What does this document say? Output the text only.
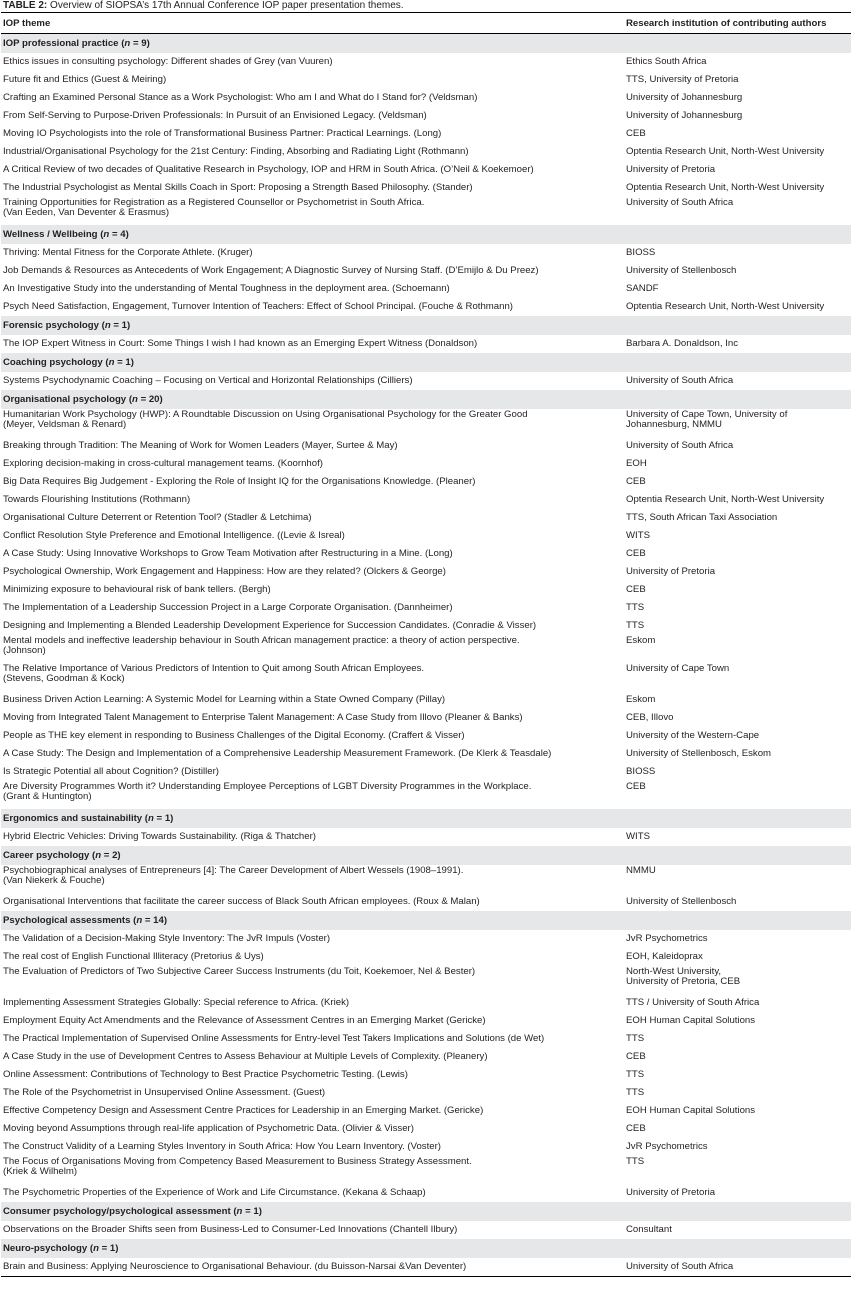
TABLE 2: Overview of SIOPSA’s 17th Annual Conference IOP paper presentation themes.
IOP theme	Research institution of contributing authors
IOP professional practice (n = 9)	
Ethics issues in consulting psychology: Different shades of Grey (van Vuuren)	Ethics South Africa
Future fit and Ethics (Guest & Meiring)	TTS, University of Pretoria
Crafting an Examined Personal Stance as a Work Psychologist: Who am I and What do I Stand for? (Veldsman)	University of Johannesburg
From Self-Serving to Purpose-Driven Professionals: In Pursuit of an Envisioned Legacy. (Veldsman)	University of Johannesburg
Moving IO Psychologists into the role of Transformational Business Partner: Practical Learnings. (Long)	CEB
Industrial/Organisational Psychology for the 21st Century: Finding, Absorbing and Radiating Light (Rothmann)	Optentia Research Unit, North-West University
A Critical Review of two decades of Qualitative Research in Psychology, IOP and HRM in South Africa. (O’Neil & Koekemoer)	University of Pretoria
The Industrial Psychologist as Mental Skills Coach in Sport: Proposing a Strength Based Philosophy. (Stander)	Optentia Research Unit, North-West University
Training Opportunities for Registration as a Registered Counsellor or Psychometrist in South Africa.
(Van Eeden, Van Deventer & Erasmus)	University of South Africa
Wellness / Wellbeing (n = 4)	
Thriving: Mental Fitness for the Corporate Athlete. (Kruger)	BIOSS
Job Demands & Resources as Antecedents of Work Engagement; A Diagnostic Survey of Nursing Staff. (D’Emijlo & Du Preez)	University of Stellenbosch
An Investigative Study into the understanding of Mental Toughness in the deployment area. (Schoemann)	SANDF
Psych Need Satisfaction, Engagement, Turnover Intention of Teachers: Effect of School Principal. (Fouche & Rothmann)	Optentia Research Unit, North-West University
Forensic psychology (n = 1)	
The IOP Expert Witness in Court: Some Things I wish I had known as an Emerging Expert Witness (Donaldson)	Barbara A. Donaldson, Inc
Coaching psychology (n = 1)	
Systems Psychodynamic Coaching – Focusing on Vertical and Horizontal Relationships (Cilliers)	University of South Africa
Organisational psychology (n = 20)	
Humanitarian Work Psychology (HWP): A Roundtable Discussion on Using Organisational Psychology for the Greater Good
(Meyer, Veldsman & Renard)	University of Cape Town, University of
Johannesburg, NMMU
Breaking through Tradition: The Meaning of Work for Women Leaders (Mayer, Surtee & May)	University of South Africa
Exploring decision-making in cross-cultural management teams. (Koornhof)	EOH
Big Data Requires Big Judgement - Exploring the Role of Insight IQ for the Organisations Knowledge. (Pleaner)	CEB
Towards Flourishing Institutions (Rothmann)	Optentia Research Unit, North-West University
Organisational Culture Deterrent or Retention Tool? (Stadler & Letchima)	TTS, South African Taxi Association
Conflict Resolution Style Preference and Emotional Intelligence. ((Levie & Isreal)	WITS
A Case Study: Using Innovative Workshops to Grow Team Motivation after Restructuring in a Mine. (Long)	CEB
Psychological Ownership, Work Engagement and Happiness: How are they related? (Olckers & George)	University of Pretoria
Minimizing exposure to behavioural risk of bank tellers. (Bergh)	CEB
The Implementation of a Leadership Succession Project in a Large Corporate Organisation. (Dannheimer)	TTS
Designing and Implementing a Blended Leadership Development Experience for Succession Candidates. (Conradie & Visser)	TTS
Mental models and ineffective leadership behaviour in South African management practice: a theory of action perspective.
(Johnson)	Eskom
The Relative Importance of Various Predictors of Intention to Quit among South African Employees.
(Stevens, Goodman & Kock)	University of Cape Town
Business Driven Action Learning: A Systemic Model for Learning within a State Owned Company (Pillay)	Eskom
Moving from Integrated Talent Management to Enterprise Talent Management: A Case Study from Illovo (Pleaner & Banks)	CEB, Illovo
People as THE key element in responding to Business Challenges of the Digital Economy. (Craffert & Visser)	University of the Western-Cape
A Case Study: The Design and Implementation of a Comprehensive Leadership Measurement Framework. (De Klerk & Teasdale)	University of Stellenbosch, Eskom
Is Strategic Potential all about Cognition? (Distiller)	BIOSS
Are Diversity Programmes Worth it? Understanding Employee Perceptions of LGBT Diversity Programmes in the Workplace.
(Grant & Huntington)	CEB
Ergonomics and sustainability (n = 1)	
Hybrid Electric Vehicles: Driving Towards Sustainability. (Riga & Thatcher)	WITS
Career psychology (n = 2)	
Psychobiographical analyses of Entrepreneurs [4]: The Career Development of Albert Wessels (1908–1991).
(Van Niekerk & Fouche)	NMMU
Organisational Interventions that facilitate the career success of Black South African employees. (Roux & Malan)	University of Stellenbosch
Psychological assessments (n = 14)	
The Validation of a Decision-Making Style Inventory: The JvR Impuls (Voster)	JvR Psychometrics
The real cost of English Functional Illiteracy (Pretorius & Uys)	EOH, Kaleidoprax
The Evaluation of Predictors of Two Subjective Career Success Instruments (du Toit, Koekemoer, Nel & Bester)	North-West University,
University of Pretoria, CEB
Implementing Assessment Strategies Globally: Special reference to Africa. (Kriek)	TTS / University of South Africa
Employment Equity Act Amendments and the Relevance of Assessment Centres in an Emerging Market (Gericke)	EOH Human Capital Solutions
The Practical Implementation of Supervised Online Assessments for Entry-level Test Takers Implications and Solutions (de Wet)	TTS
A Case Study in the use of Development Centres to Assess Behaviour at Multiple Levels of Complexity. (Pleanery)	CEB
Online Assessment: Contributions of Technology to Best Practice Psychometric Testing. (Lewis)	TTS
The Role of the Psychometrist in Unsupervised Online Assessment. (Guest)	TTS
Effective Competency Design and Assessment Centre Practices for Leadership in an Emerging Market. (Gericke)	EOH Human Capital Solutions
Moving beyond Assumptions through real-life application of Psychometric Data. (Olivier & Visser)	CEB
The Construct Validity of a Learning Styles Inventory in South Africa: How You Learn Inventory. (Voster)	JvR Psychometrics
The Focus of Organisations Moving from Competency Based Measurement to Business Strategy Assessment.
(Kriek & Wilhelm)	TTS
The Psychometric Properties of the Experience of Work and Life Circumstance. (Kekana & Schaap)	University of Pretoria
Consumer psychology/psychological assessment (n = 1)	
Observations on the Broader Shifts seen from Business-Led to Consumer-Led Innovations (Chantell Ilbury)	Consultant
Neuro-psychology (n = 1)	
Brain and Business: Applying Neuroscience to Organisational Behaviour. (du Buisson-Narsai &Van Deventer)	University of South Africa
